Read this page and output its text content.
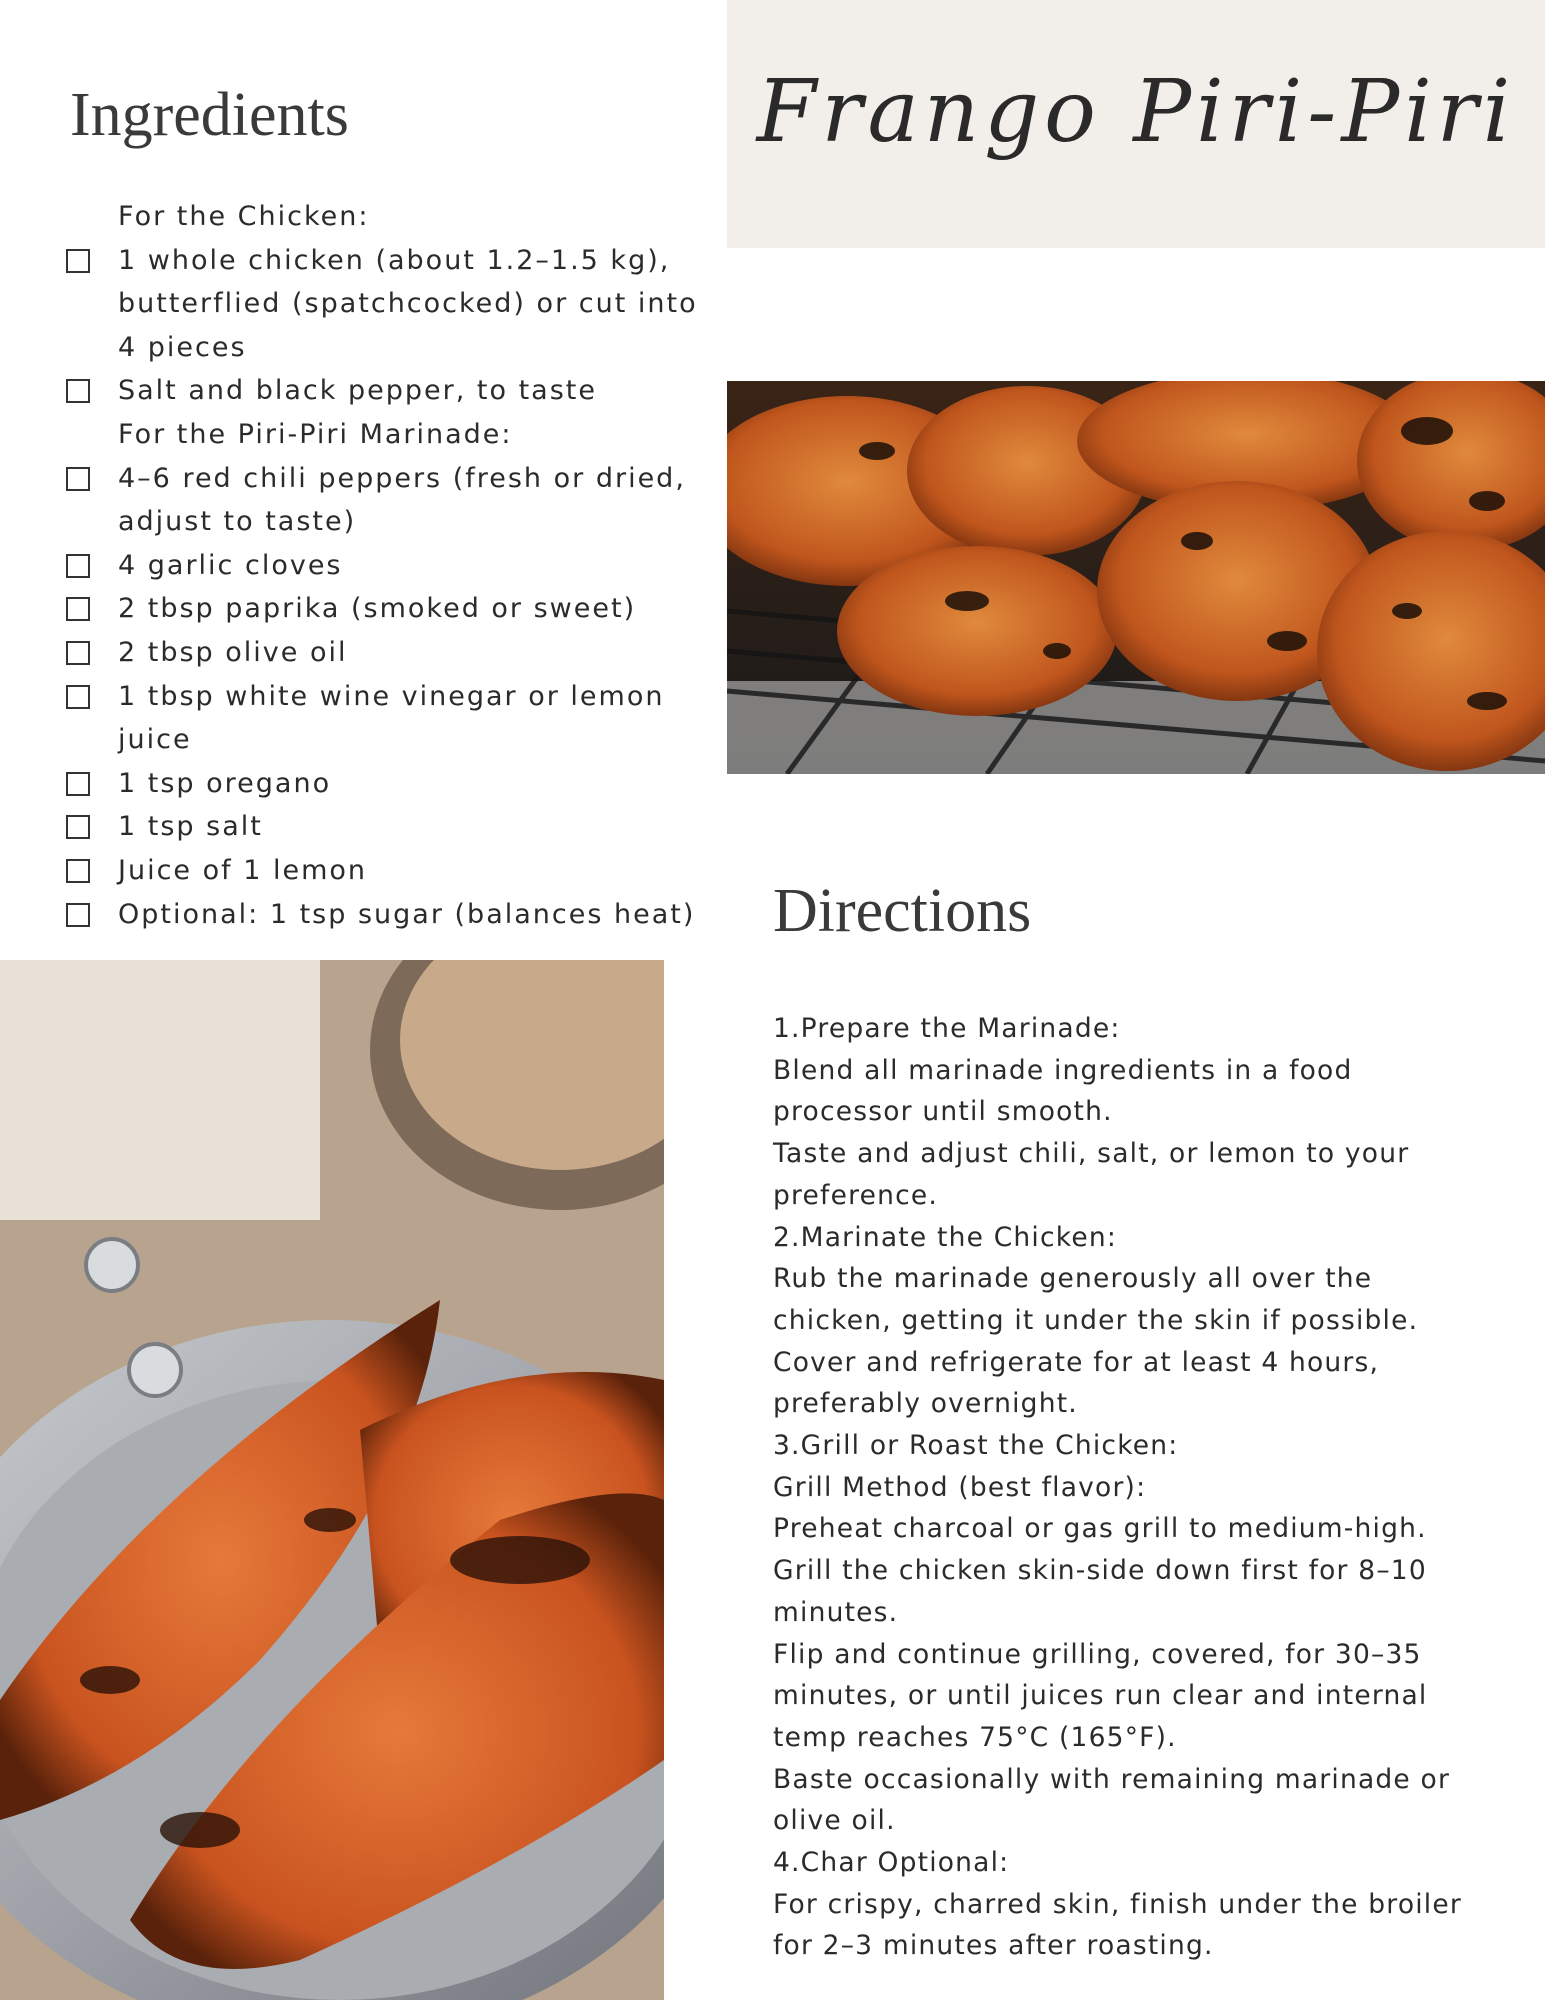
Frango Piri-Piri
Ingredients
For the Chicken:
1 whole chicken (about 1.2–1.5 kg), butterflied (spatchcocked) or cut into 4 pieces
Salt and black pepper, to taste
For the Piri-Piri Marinade:
4–6 red chili peppers (fresh or dried, adjust to taste)
4 garlic cloves
2 tbsp paprika (smoked or sweet)
2 tbsp olive oil
1 tbsp white wine vinegar or lemon juice
1 tsp oregano
1 tsp salt
Juice of 1 lemon
Optional: 1 tsp sugar (balances heat)	Directions
1.Prepare the Marinade:
Blend all marinade ingredients in a food
processor until smooth.
Taste and adjust chili, salt, or lemon to your
preference.
2.Marinate the Chicken:
Rub the marinade generously all over the
chicken, getting it under the skin if possible.
Cover and refrigerate for at least 4 hours,
preferably overnight.
3.Grill or Roast the Chicken:
Grill Method (best flavor):
Preheat charcoal or gas grill to medium-high.
Grill the chicken skin-side down first for 8–10
minutes.
Flip and continue grilling, covered, for 30–35
minutes, or until juices run clear and internal
temp reaches 75°C (165°F).
Baste occasionally with remaining marinade or
olive oil.
4.Char Optional:
For crispy, charred skin, finish under the broiler
for 2–3 minutes after roasting.
